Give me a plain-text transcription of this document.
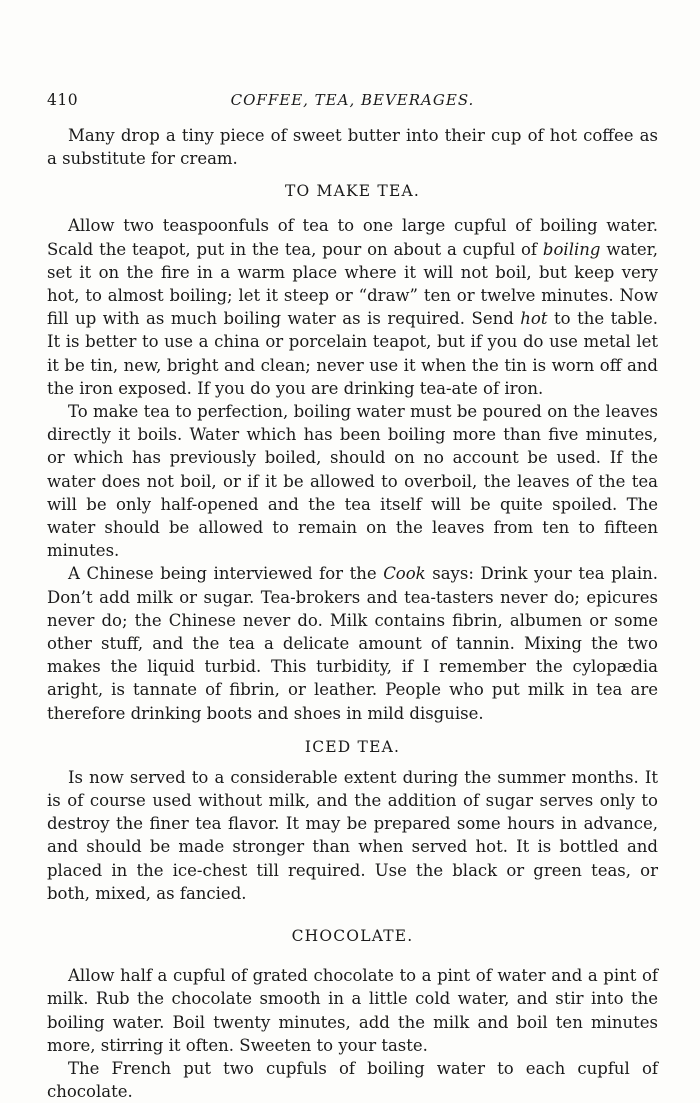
410	COFFEE, TEA, BEVERAGES.

Many drop a tiny piece of sweet butter into their cup of hot coffee as a substitute for cream.

TO MAKE TEA.

Allow two teaspoonfuls of tea to one large cupful of boiling water. Scald the teapot, put in the tea, pour on about a cupful of boiling water, set it on the fire in a warm place where it will not boil, but keep very hot, to almost boiling; let it steep or “draw” ten or twelve minutes. Now fill up with as much boiling water as is required. Send hot to the table. It is better to use a china or porcelain teapot, but if you do use metal let it be tin, new, bright and clean; never use it when the tin is worn off and the iron exposed. If you do you are drinking tea-ate of iron.

To make tea to perfection, boiling water must be poured on the leaves directly it boils. Water which has been boiling more than five minutes, or which has previously boiled, should on no account be used. If the water does not boil, or if it be allowed to overboil, the leaves of the tea will be only half-opened and the tea itself will be quite spoiled. The water should be allowed to remain on the leaves from ten to fifteen minutes.

A Chinese being interviewed for the Cook says: Drink your tea plain. Don’t add milk or sugar. Tea-brokers and tea-tasters never do; epicures never do; the Chinese never do. Milk contains fibrin, albumen or some other stuff, and the tea a delicate amount of tannin. Mixing the two makes the liquid turbid. This turbidity, if I remember the cylopædia aright, is tannate of fibrin, or leather. People who put milk in tea are therefore drinking boots and shoes in mild disguise.

ICED TEA.

Is now served to a considerable extent during the summer months. It is of course used without milk, and the addition of sugar serves only to destroy the finer tea flavor. It may be prepared some hours in advance, and should be made stronger than when served hot. It is bottled and placed in the ice-chest till required. Use the black or green teas, or both, mixed, as fancied.

CHOCOLATE.

Allow half a cupful of grated chocolate to a pint of water and a pint of milk. Rub the chocolate smooth in a little cold water, and stir into the boiling water. Boil twenty minutes, add the milk and boil ten minutes more, stirring it often. Sweeten to your taste.

The French put two cupfuls of boiling water to each cupful of chocolate.
